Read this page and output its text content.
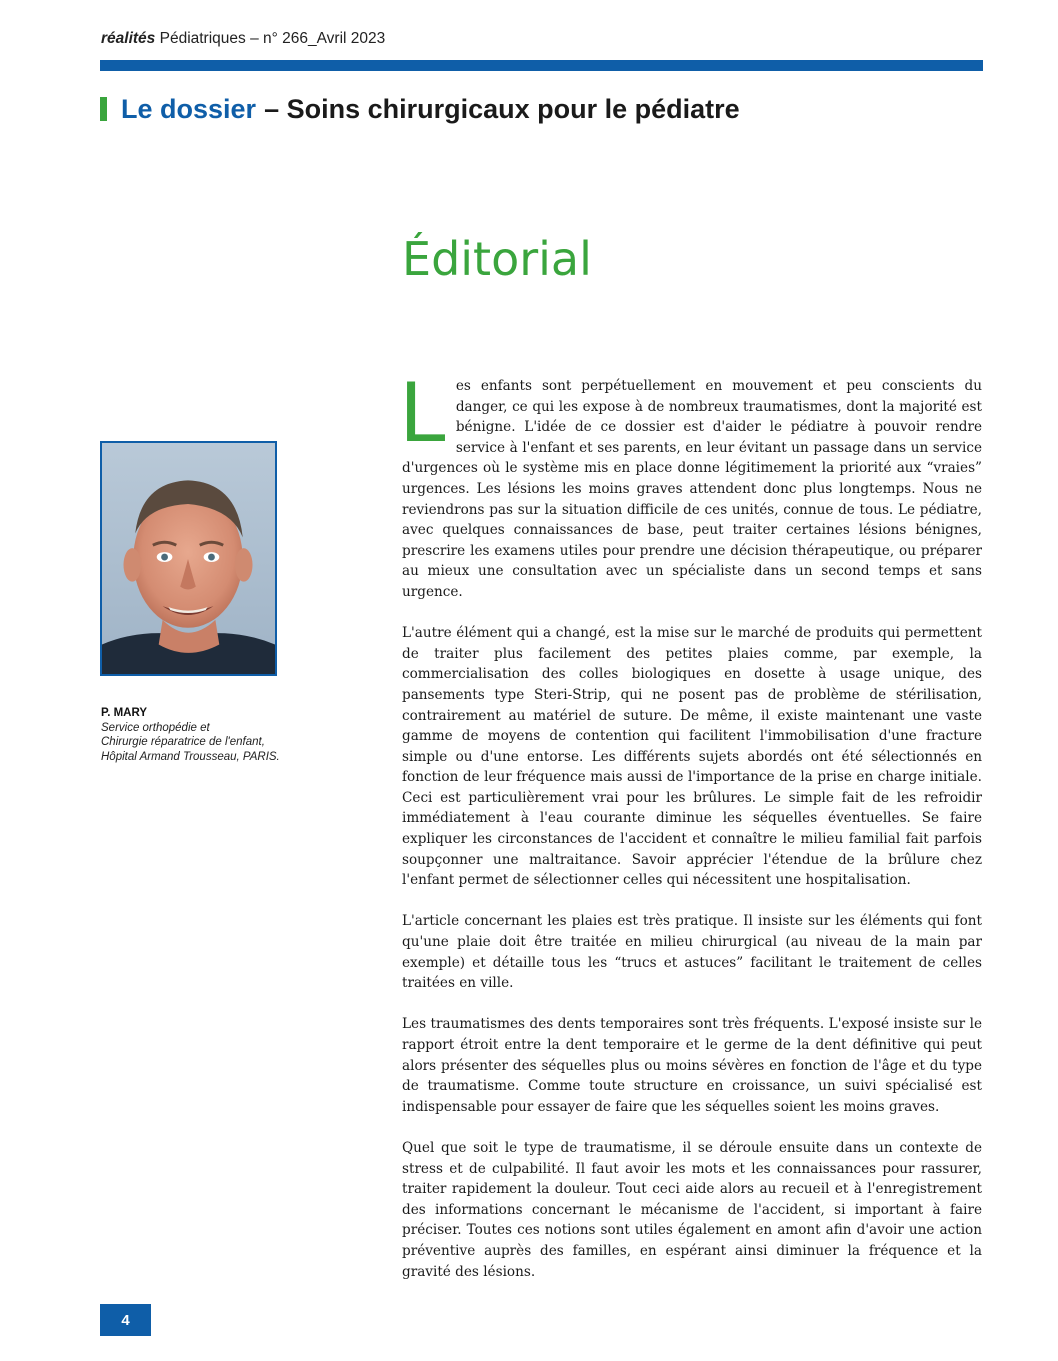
réalités Pédiatriques – n° 266_Avril 2023
Le dossier – Soins chirurgicaux pour le pédiatre
Éditorial
P. MARY
Service orthopédie et
Chirurgie réparatrice de l'enfant,
Hôpital Armand Trousseau, PARIS.

Les enfants sont perpétuellement en mouvement et peu conscients du danger, ce qui les expose à de nombreux traumatismes, dont la majorité est bénigne. L'idée de ce dossier est d'aider le pédiatre à pouvoir rendre service à l'enfant et ses parents, en leur évitant un passage dans un service d'urgences où le système mis en place donne légitimement la priorité aux “vraies” urgences. Les lésions les moins graves attendent donc plus longtemps. Nous ne reviendrons pas sur la situation difficile de ces unités, connue de tous. Le pédiatre, avec quelques connaissances de base, peut traiter certaines lésions bénignes, prescrire les examens utiles pour prendre une décision thérapeutique, ou préparer au mieux une consultation avec un spécialiste dans un second temps et sans urgence.

L'autre élément qui a changé, est la mise sur le marché de produits qui permettent de traiter plus facilement des petites plaies comme, par exemple, la commercialisation des colles biologiques en dosette à usage unique, des pansements type Steri-Strip, qui ne posent pas de problème de stérilisation, contrairement au matériel de suture. De même, il existe maintenant une vaste gamme de moyens de contention qui facilitent l'immobilisation d'une fracture simple ou d'une entorse. Les différents sujets abordés ont été sélectionnés en fonction de leur fréquence mais aussi de l'importance de la prise en charge initiale. Ceci est particulièrement vrai pour les brûlures. Le simple fait de les refroidir immédiatement à l'eau courante diminue les séquelles éventuelles. Se faire expliquer les circonstances de l'accident et connaître le milieu familial fait parfois soupçonner une maltraitance. Savoir apprécier l'étendue de la brûlure chez l'enfant permet de sélectionner celles qui nécessitent une hospitalisation.

L'article concernant les plaies est très pratique. Il insiste sur les éléments qui font qu'une plaie doit être traitée en milieu chirurgical (au niveau de la main par exemple) et détaille tous les “trucs et astuces” facilitant le traitement de celles traitées en ville.

Les traumatismes des dents temporaires sont très fréquents. L'exposé insiste sur le rapport étroit entre la dent temporaire et le germe de la dent définitive qui peut alors présenter des séquelles plus ou moins sévères en fonction de l'âge et du type de traumatisme. Comme toute structure en croissance, un suivi spécialisé est indispensable pour essayer de faire que les séquelles soient les moins graves.

Quel que soit le type de traumatisme, il se déroule ensuite dans un contexte de stress et de culpabilité. Il faut avoir les mots et les connaissances pour rassurer, traiter rapidement la douleur. Tout ceci aide alors au recueil et à l'enregistrement des informations concernant le mécanisme de l'accident, si important à faire préciser. Toutes ces notions sont utiles également en amont afin d'avoir une action préventive auprès des familles, en espérant ainsi diminuer la fréquence et la gravité des lésions.

4
